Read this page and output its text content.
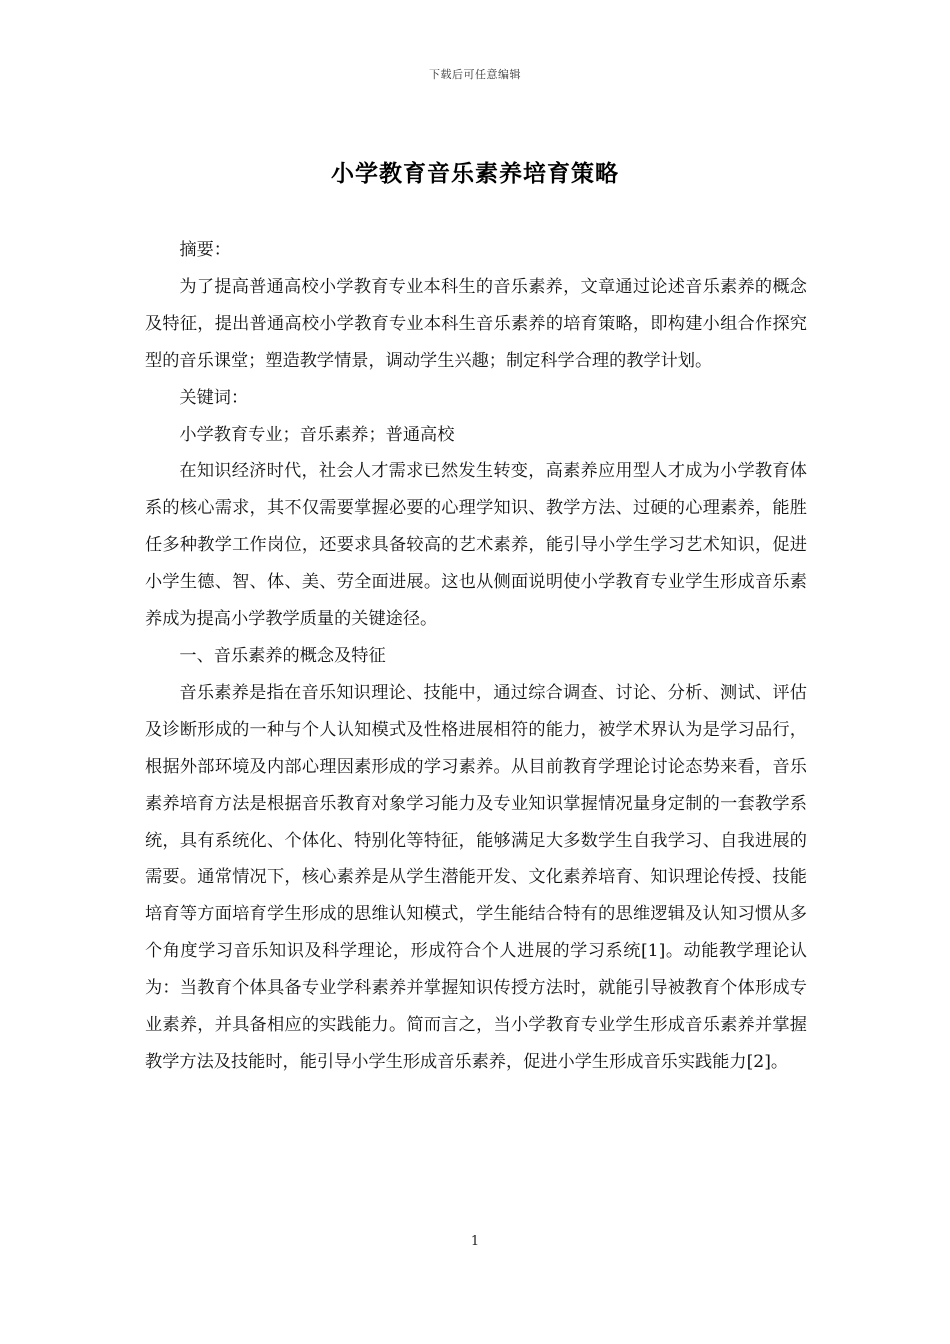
下载后可任意编辑
小学教育音乐素养培育策略

摘要：

为了提高普通高校小学教育专业本科生的音乐素养，文章通过论述音乐素养的概念及特征，提出普通高校小学教育专业本科生音乐素养的培育策略，即构建小组合作探究型的音乐课堂；塑造教学情景，调动学生兴趣；制定科学合理的教学计划。

关键词：

小学教育专业；音乐素养；普通高校

在知识经济时代，社会人才需求已然发生转变，高素养应用型人才成为小学教育体系的核心需求，其不仅需要掌握必要的心理学知识、教学方法、过硬的心理素养，能胜任多种教学工作岗位，还要求具备较高的艺术素养，能引导小学生学习艺术知识，促进小学生德、智、体、美、劳全面进展。这也从侧面说明使小学教育专业学生形成音乐素养成为提高小学教学质量的关键途径。

一、音乐素养的概念及特征

音乐素养是指在音乐知识理论、技能中，通过综合调查、讨论、分析、测试、评估及诊断形成的一种与个人认知模式及性格进展相符的能力，被学术界认为是学习品行，根据外部环境及内部心理因素形成的学习素养。从目前教育学理论讨论态势来看，音乐素养培育方法是根据音乐教育对象学习能力及专业知识掌握情况量身定制的一套教学系统，具有系统化、个体化、特别化等特征，能够满足大多数学生自我学习、自我进展的需要。通常情况下，核心素养是从学生潜能开发、文化素养培育、知识理论传授、技能培育等方面培育学生形成的思维认知模式，学生能结合特有的思维逻辑及认知习惯从多个角度学习音乐知识及科学理论，形成符合个人进展的学习系统[1]。动能教学理论认为：当教育个体具备专业学科素养并掌握知识传授方法时，就能引导被教育个体形成专业素养，并具备相应的实践能力。简而言之，当小学教育专业学生形成音乐素养并掌握教学方法及技能时，能引导小学生形成音乐素养，促进小学生形成音乐实践能力[2]。

1
